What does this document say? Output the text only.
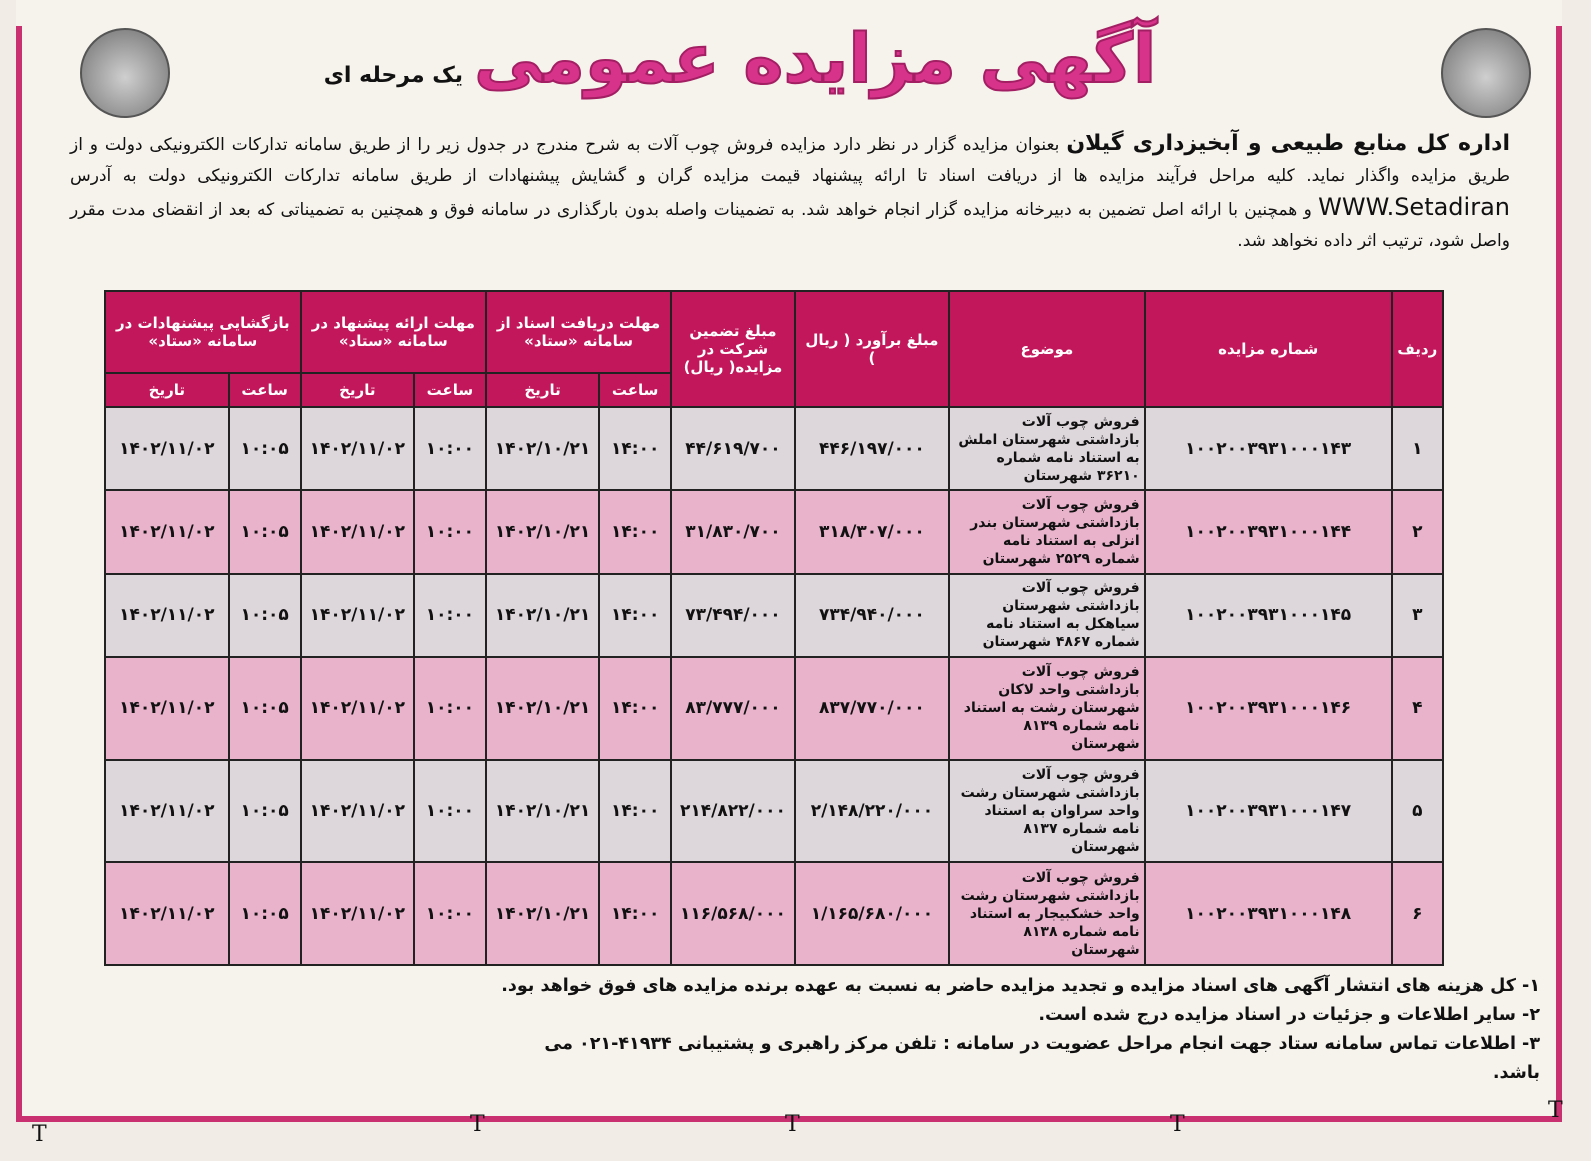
آگهی مزایده عمومی یک مرحله ای
اداره کل منابع طبیعی و آبخیزداری گیلان بعنوان مزایده گزار در نظر دارد مزایده فروش چوب آلات به شرح مندرج در جدول زیر را از طریق سامانه تدارکات الکترونیکی دولت و از طریق مزایده واگذار نماید. کلیه مراحل فرآیند مزایده ها از دریافت اسناد تا ارائه پیشنهاد قیمت مزایده گران و گشایش پیشنهادات از طریق سامانه تدارکات الکترونیکی دولت به آدرس WWW.Setadiran و همچنین با ارائه اصل تضمین به دبیرخانه مزایده گزار انجام خواهد شد. به تضمینات واصله بدون بارگذاری در سامانه فوق و همچنین به تضمیناتی که بعد از انقضای مدت مقرر واصل شود، ترتیب اثر داده نخواهد شد.
ردیف	شماره مزایده	موضوع	مبلغ برآورد ( ریال )	مبلغ تضمین شرکت در مزایده( ریال)	مهلت دریافت اسناد از سامانه «ستاد»		مهلت ارائه پیشنهاد در سامانه «ستاد»		بازگشایی پیشنهادات در سامانه «ستاد»	
					ساعت	تاریخ	ساعت	تاریخ	ساعت	تاریخ
۱	۱۰۰۲۰۰۳۹۳۱۰۰۰۱۴۳	فروش چوب آلات بازداشتی شهرستان املش به استناد نامه شماره ۳۶۲۱۰ شهرستان	۴۴۶/۱۹۷/۰۰۰	۴۴/۶۱۹/۷۰۰	۱۴:۰۰	۱۴۰۲/۱۰/۲۱	۱۰:۰۰	۱۴۰۲/۱۱/۰۲	۱۰:۰۵	۱۴۰۲/۱۱/۰۲
۲	۱۰۰۲۰۰۳۹۳۱۰۰۰۱۴۴	فروش چوب آلات بازداشتی شهرستان بندر انزلی به استناد نامه شماره ۲۵۲۹ شهرستان	۳۱۸/۳۰۷/۰۰۰	۳۱/۸۳۰/۷۰۰	۱۴:۰۰	۱۴۰۲/۱۰/۲۱	۱۰:۰۰	۱۴۰۲/۱۱/۰۲	۱۰:۰۵	۱۴۰۲/۱۱/۰۲
۳	۱۰۰۲۰۰۳۹۳۱۰۰۰۱۴۵	فروش چوب آلات بازداشتی شهرستان سیاهکل به استناد نامه شماره ۴۸۶۷ شهرستان	۷۳۴/۹۴۰/۰۰۰	۷۳/۴۹۴/۰۰۰	۱۴:۰۰	۱۴۰۲/۱۰/۲۱	۱۰:۰۰	۱۴۰۲/۱۱/۰۲	۱۰:۰۵	۱۴۰۲/۱۱/۰۲
۴	۱۰۰۲۰۰۳۹۳۱۰۰۰۱۴۶	فروش چوب آلات بازداشتی واحد لاکان شهرستان رشت به استناد نامه شماره ۸۱۳۹ شهرستان	۸۳۷/۷۷۰/۰۰۰	۸۳/۷۷۷/۰۰۰	۱۴:۰۰	۱۴۰۲/۱۰/۲۱	۱۰:۰۰	۱۴۰۲/۱۱/۰۲	۱۰:۰۵	۱۴۰۲/۱۱/۰۲
۵	۱۰۰۲۰۰۳۹۳۱۰۰۰۱۴۷	فروش چوب آلات بازداشتی شهرستان رشت واحد سراوان به استناد نامه شماره ۸۱۳۷ شهرستان	۲/۱۴۸/۲۲۰/۰۰۰	۲۱۴/۸۲۲/۰۰۰	۱۴:۰۰	۱۴۰۲/۱۰/۲۱	۱۰:۰۰	۱۴۰۲/۱۱/۰۲	۱۰:۰۵	۱۴۰۲/۱۱/۰۲
۶	۱۰۰۲۰۰۳۹۳۱۰۰۰۱۴۸	فروش چوب آلات بازداشتی شهرستان رشت واحد خشکبیجار به استناد نامه شماره ۸۱۳۸ شهرستان	۱/۱۶۵/۶۸۰/۰۰۰	۱۱۶/۵۶۸/۰۰۰	۱۴:۰۰	۱۴۰۲/۱۰/۲۱	۱۰:۰۰	۱۴۰۲/۱۱/۰۲	۱۰:۰۵	۱۴۰۲/۱۱/۰۲
۱- کل هزینه های انتشار آگهی های اسناد مزایده و تجدید مزایده حاضر به نسبت به عهده برنده مزایده های فوق خواهد بود.
۲- سایر اطلاعات و جزئیات در اسناد مزایده درج شده است.
۳- اطلاعات تماس سامانه ستاد جهت انجام مراحل عضویت در سامانه : تلفن مرکز راهبری و پشتیبانی ۴۱۹۳۴-۰۲۱ می باشد.
T	T	T	T
T
